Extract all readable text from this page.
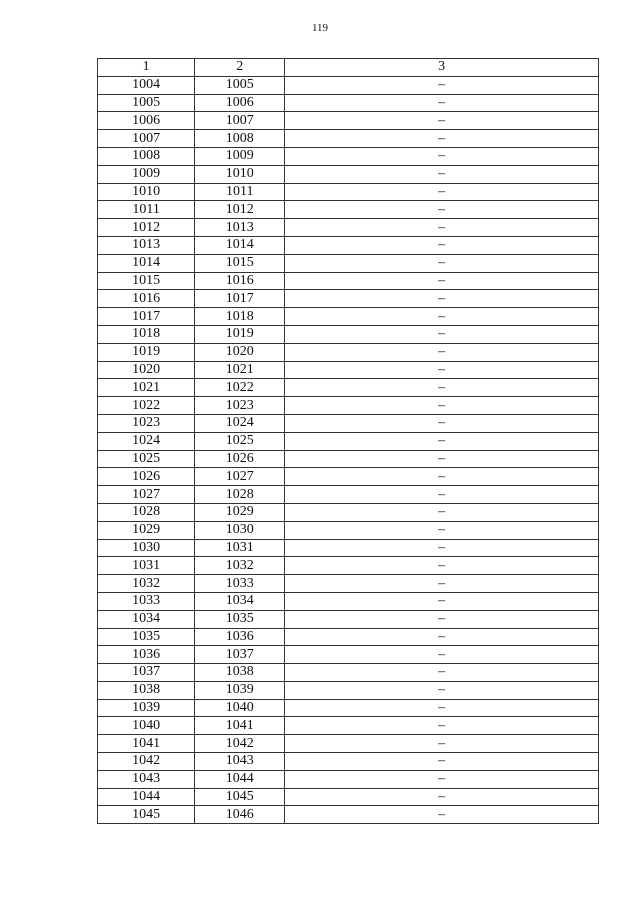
119
1	2	3
1004	1005	–
1005	1006	–
1006	1007	–
1007	1008	–
1008	1009	–
1009	1010	–
1010	1011	–
1011	1012	–
1012	1013	–
1013	1014	–
1014	1015	–
1015	1016	–
1016	1017	–
1017	1018	–
1018	1019	–
1019	1020	–
1020	1021	–
1021	1022	–
1022	1023	–
1023	1024	–
1024	1025	–
1025	1026	–
1026	1027	–
1027	1028	–
1028	1029	–
1029	1030	–
1030	1031	–
1031	1032	–
1032	1033	–
1033	1034	–
1034	1035	–
1035	1036	–
1036	1037	–
1037	1038	–
1038	1039	–
1039	1040	–
1040	1041	–
1041	1042	–
1042	1043	–
1043	1044	–
1044	1045	–
1045	1046	–
